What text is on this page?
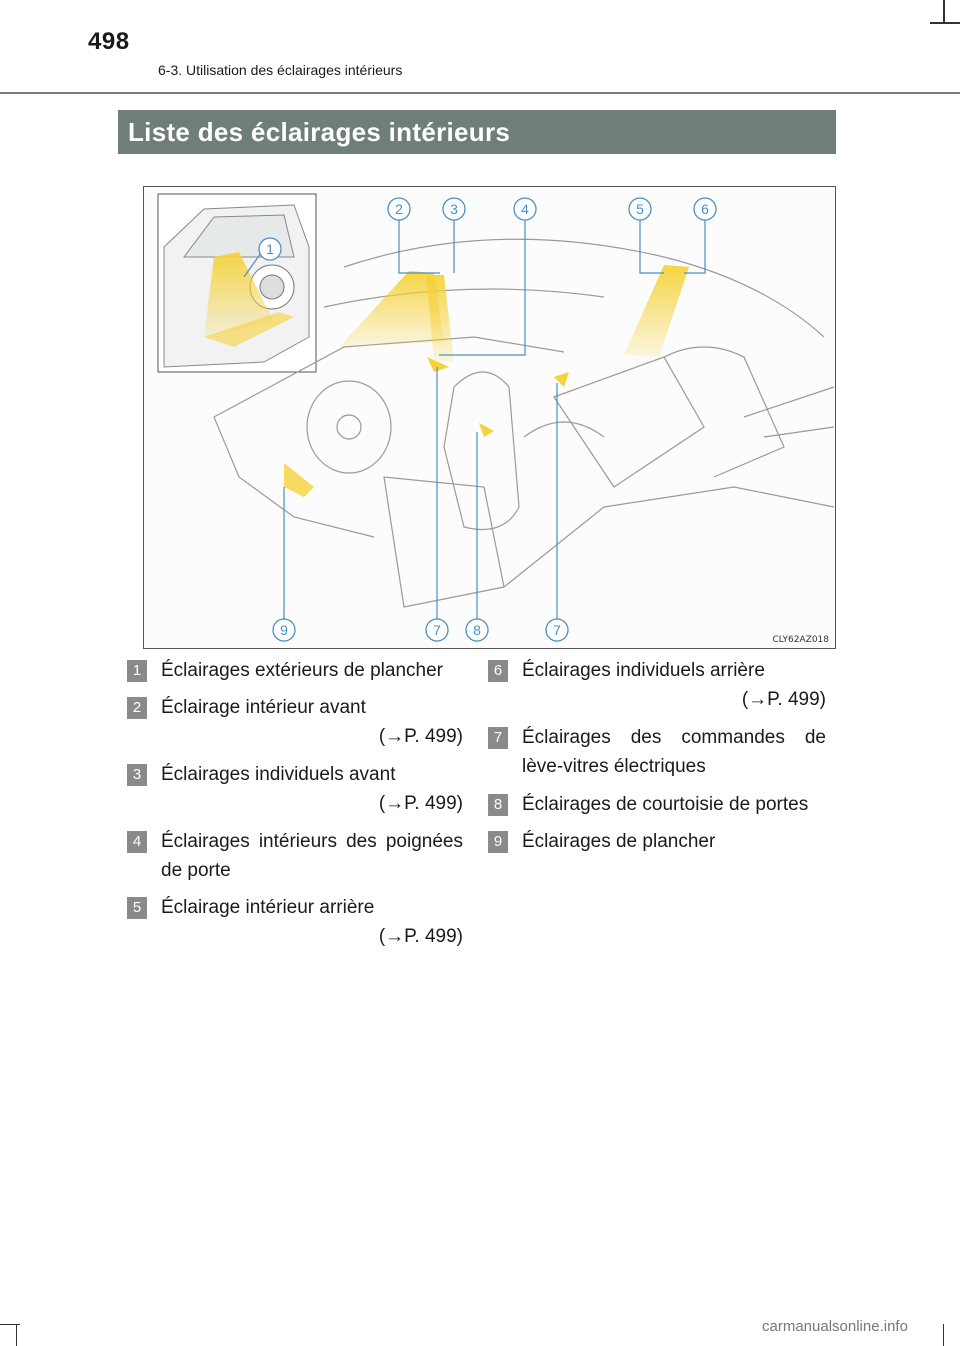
498
6-3. Utilisation des éclairages intérieurs
Liste des éclairages intérieurs
1
2	3	4	5	6
9	7 8	7
CLY62AZ018
1	Éclairages extérieurs de plancher
2	Éclairage intérieur avant
(→P. 499)
3	Éclairages individuels avant
(→P. 499)
4	Éclairages intérieurs des poignées
de porte
5	Éclairage intérieur arrière
(→P. 499)
6	Éclairages individuels arrière
(→P. 499)
7	Éclairages des commandes de
lève-vitres électriques
8	Éclairages de courtoisie de portes
9	Éclairages de plancher
carmanualsonline.info
